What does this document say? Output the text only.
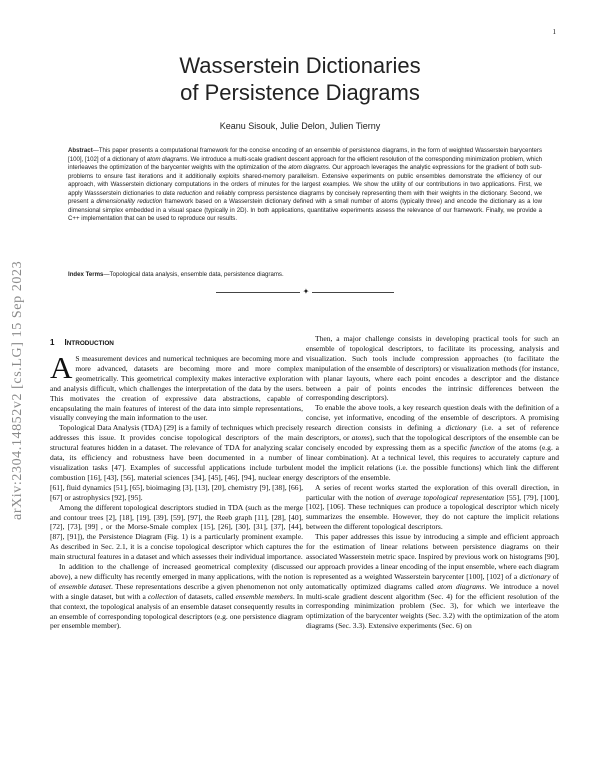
1
arXiv:2304.14852v2 [cs.LG] 15 Sep 2023
Wasserstein Dictionaries
of Persistence Diagrams
Keanu Sisouk, Julie Delon, Julien Tierny
Abstract—This paper presents a computational framework for the concise encoding of an ensemble of persistence diagrams, in the form of weighted Wasserstein barycenters [100], [102] of a dictionary of atom diagrams. We introduce a multi-scale gradient descent approach for the efficient resolution of the corresponding minimization problem, which interleaves the optimization of the barycenter weights with the optimization of the atom diagrams. Our approach leverages the analytic expressions for the gradient of both sub-problems to ensure fast iterations and it additionally exploits shared-memory parallelism. Extensive experiments on public ensembles demonstrate the efficiency of our approach, with Wasserstein dictionary computations in the orders of minutes for the largest examples. We show the utility of our contributions in two applications. First, we apply Wassserstein dictionaries to data reduction and reliably compress persistence diagrams by concisely representing them with their weights in the dictionary. Second, we present a dimensionality reduction framework based on a Wasserstein dictionary defined with a small number of atoms (typically three) and encode the dictionary as a low dimensional simplex embedded in a visual space (typically in 2D). In both applications, quantitative experiments assess the relevance of our framework. Finally, we provide a C++ implementation that can be used to reproduce our results.
Index Terms—Topological data analysis, ensemble data, persistence diagrams.
✦
1 INTRODUCTION

A S measurement devices and numerical techniques are becoming more and more advanced, datasets are becoming more and more complex geometrically. This geometrical complexity makes interactive exploration and analysis difficult, which challenges the interpretation of the data by the users. This motivates the creation of expressive data abstractions, capable of encapsulating the main features of interest of the data into simple representations, visually conveying the main information to the user.

Topological Data Analysis (TDA) [29] is a family of techniques which precisely addresses this issue. It provides concise topological descriptors of the main structural features hidden in a dataset. The relevance of TDA for analyzing scalar data, its efficiency and robustness have been documented in a number of visualization tasks [47]. Examples of successful applications include turbulent combustion [16], [43], [56], material sciences [34], [45], [46], [94], nuclear energy [61], fluid dynamics [51], [65], bioimaging [3], [13], [20], chemistry [9], [38], [66], [67] or astrophysics [92], [95].

Among the different topological descriptors studied in TDA (such as the merge and contour trees [2], [18], [19], [39], [59], [97], the Reeb graph [11], [28], [40], [72], [73], [99] , or the Morse-Smale complex [15], [26], [30], [31], [37], [44], [87], [91]), the Persistence Diagram (Fig. 1) is a particularly prominent example. As described in Sec. 2.1, it is a concise topological descriptor which captures the main structural features in a dataset and which assesses their individual importance.

In addition to the challenge of increased geometrical complexity (discussed above), a new difficulty has recently emerged in many applications, with the notion of ensemble dataset. These representations describe a given phenomenon not only with a single dataset, but with a collection of datasets, called ensemble members. In that context, the topological analysis of an ensemble dataset consequently results in an ensemble of corresponding topological descriptors (e.g. one persistence diagram per ensemble member).

Then, a major challenge consists in developing practical tools for such an ensemble of topological descriptors, to facilitate its processing, analysis and visualization. Such tools include compression approaches (to facilitate the manipulation of the ensemble of descriptors) or visualization methods (for instance, with planar layouts, where each point encodes a descriptor and the distance between a pair of points encodes the intrinsic differences between the corresponding descriptors).

To enable the above tools, a key research question deals with the definition of a concise, yet informative, encoding of the ensemble of descriptors. A promising research direction consists in defining a dictionary (i.e. a set of reference descriptors, or atoms), such that the topological descriptors of the ensemble can be concisely encoded by expressing them as a specific function of the atoms (e.g. a linear combination). At a technical level, this requires to accurately capture and model the implicit relations (i.e. the possible functions) which link the different descriptors of the ensemble.

A series of recent works started the exploration of this overall direction, in particular with the notion of average topological representation [55], [79], [100], [102], [106]. These techniques can produce a topological descriptor which nicely summarizes the ensemble. However, they do not capture the implicit relations between the different topological descriptors.

This paper addresses this issue by introducing a simple and efficient approach for the estimation of linear relations between persistence diagrams on their associated Wasserstein metric space. Inspired by previous work on histograms [90], our approach provides a linear encoding of the input ensemble, where each diagram is represented as a weighted Wasserstein barycenter [100], [102] of a dictionary of automatically optimized diagrams called atom diagrams. We introduce a novel multi-scale gradient descent algorithm (Sec. 4) for the efficient resolution of the corresponding minimization problem (Sec. 3), for which we interleave the optimization of the barycenter weights (Sec. 3.2) with the optimization of the atom diagrams (Sec. 3.3). Extensive experiments (Sec. 6) on
